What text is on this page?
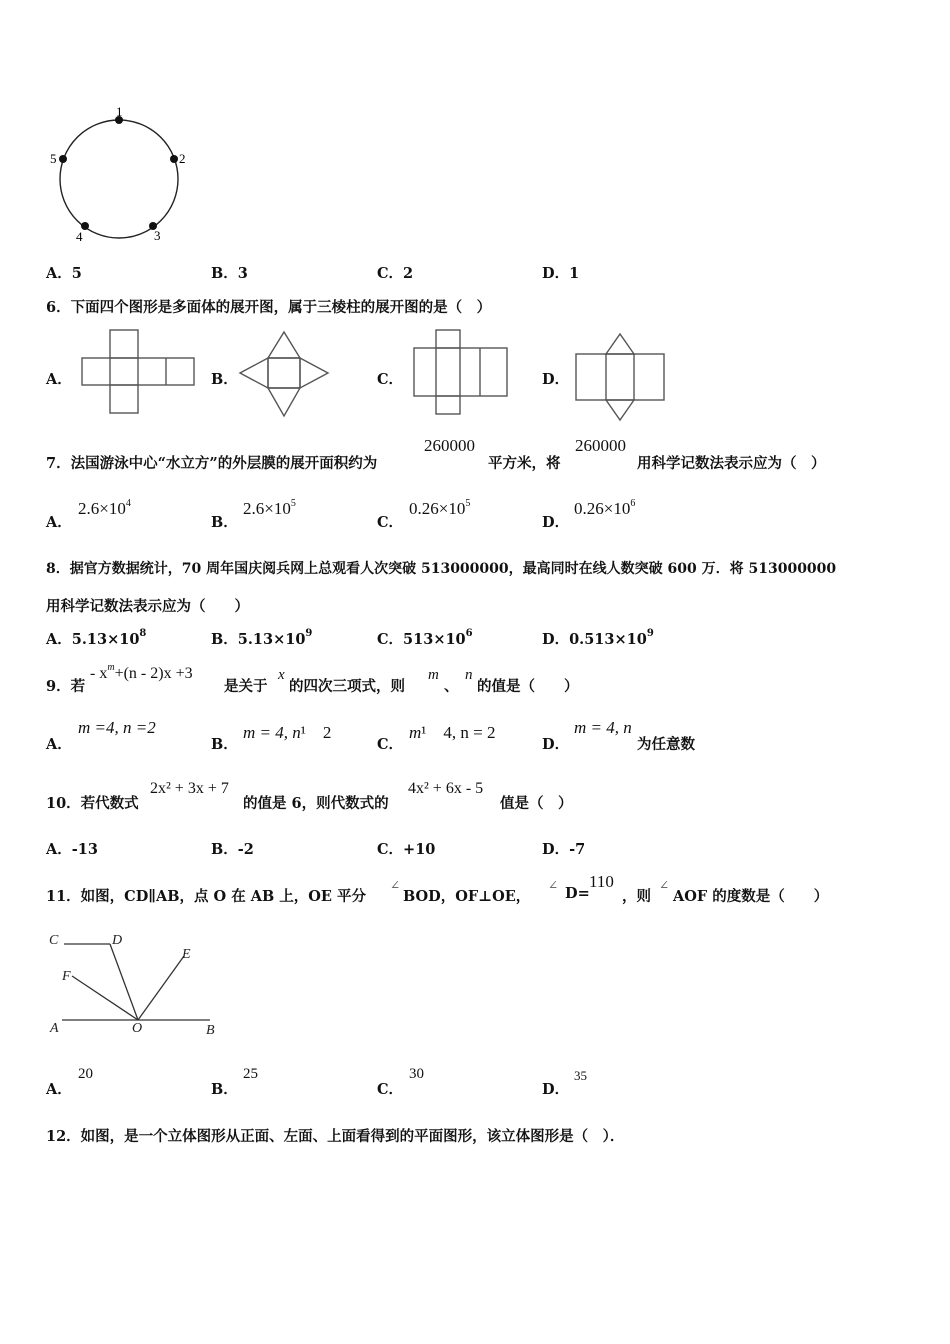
1
2
3
4
5
A．5	B．3	C．2	D．1
6．下面四个图形是多面体的展开图，属于三棱柱的展开图的是（　）
A．	B．	C．	D．
7．法国游泳中心“水立方”的外层膜的展开面积约为
260000
平方米，将
260000
用科学记数法表示应为（　）
A．
$2.6\times 10^4$
B．
$2.6\times 10^5$
C．
$0.26\times 10^5$
D．
$0.26\times 10^6$
8．据官方数据统计，70 周年国庆阅兵网上总观看人次突破 513000000，最高同时在线人数突破 600 万．将 513000000
用科学记数法表示应为（　　）
A．$5.13\times 10^8$	B．$5.13\times 10^9$	C．$513\times 10^6$	D．$0.513\times 10^9$
9．若
- $x^m+(n - 2)x +3$
是关于
x
的四次三项式，则
m
、
n
的值是（　　）
A．
m =4, n =2
B．
m = 4, n¹　2
C．
m¹　4, n = 2
D．
m = 4, n
为任意数
10．若代数式
2x² + 3x + 7
的值是 6，则代数式的
4x² + 6x - 5
值是（　）
A．-13	B．-2	C．+10	D．-7
11．如图，CD∥AB，点 O 在 AB 上，OE 平分
∠
BOD，OF⊥OE，
∠ D=
110
，则
∠
AOF 的度数是（　　）
C	D
E
F
A	O	B
A．
20
B．
25
C．
30
D．
35
12．如图，是一个立体图形从正面、左面、上面看得到的平面图形，该立体图形是（　）．
